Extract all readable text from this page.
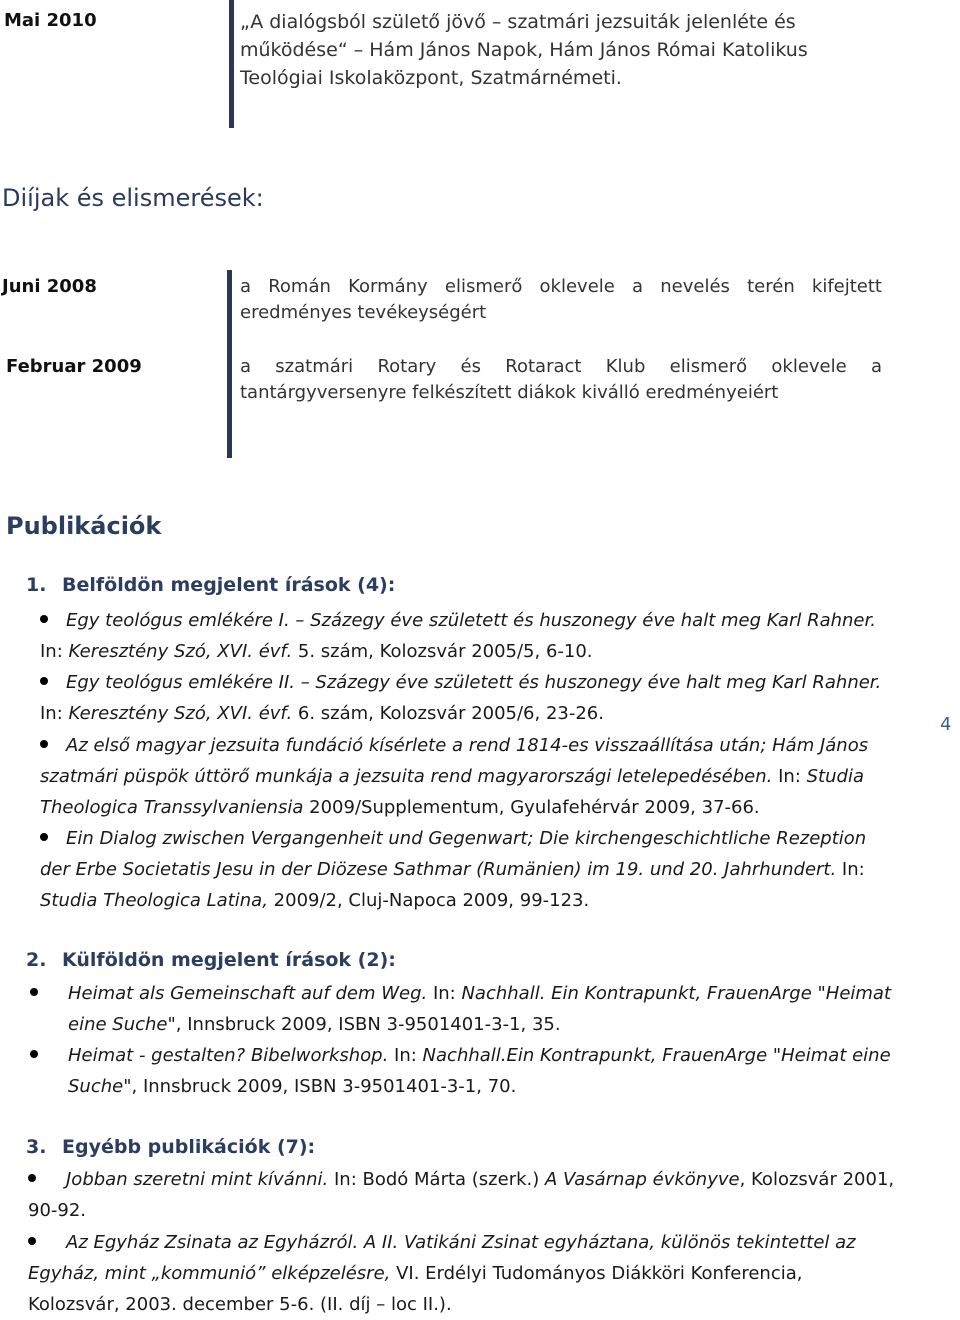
Mai 2010	„A dialógsból születő jövő – szatmári jezsuiták jelenléte és működése“ – Hám János Napok, Hám János Római Katolikus Teológiai Iskolaközpont, Szatmárnémeti.
Diíjak és elismerések:
Juni 2008	a Román Kormány elismerő oklevele a nevelés terén kifejtett eredményes tevékeységért
Februar 2009	a szatmári Rotary és Rotaract Klub elismerő oklevele a tantárgyversenyre felkészített diákok kiválló eredményeiért
Publikációk
1. Belföldön megjelent írások (4):
Egy teológus emlékére I. – Százegy éve született és huszonegy éve halt meg Karl Rahner. In: Keresztény Szó, XVI. évf. 5. szám, Kolozsvár 2005/5, 6-10.
Egy teológus emlékére II. – Százegy éve született és huszonegy éve halt meg Karl Rahner. In: Keresztény Szó, XVI. évf. 6. szám, Kolozsvár 2005/6, 23-26.
Az első magyar jezsuita fundáció kísérlete a rend 1814-es visszaállítása után; Hám János szatmári püspök úttörő munkája a jezsuita rend magyarországi letelepedésében. In: Studia Theologica Transsylvaniensia 2009/Supplementum, Gyulafehérvár 2009, 37-66.
Ein Dialog zwischen Vergangenheit und Gegenwart; Die kirchengeschichtliche Rezeption der Erbe Societatis Jesu in der Diözese Sathmar (Rumänien) im 19. und 20. Jahrhundert. In: Studia Theologica Latina, 2009/2, Cluj-Napoca 2009, 99-123.
4
2. Külföldön megjelent írások (2):
Heimat als Gemeinschaft auf dem Weg. In: Nachhall. Ein Kontrapunkt, FrauenArge "Heimat eine Suche", Innsbruck 2009, ISBN 3-9501401-3-1, 35.
Heimat - gestalten? Bibelworkshop. In: Nachhall.Ein Kontrapunkt, FrauenArge "Heimat eine Suche", Innsbruck 2009, ISBN 3-9501401-3-1, 70.
3. Egyébb publikációk (7):
Jobban szeretni mint kívánni. In: Bodó Márta (szerk.) A Vasárnap évkönyve, Kolozsvár 2001, 90-92.
Az Egyház Zsinata az Egyházról. A II. Vatikáni Zsinat egyháztana, különös tekintettel az Egyház, mint „kommunió” elképzelésre, VI. Erdélyi Tudományos Diákköri Konferencia, Kolozsvár, 2003. december 5-6. (II. díj – loc II.).
